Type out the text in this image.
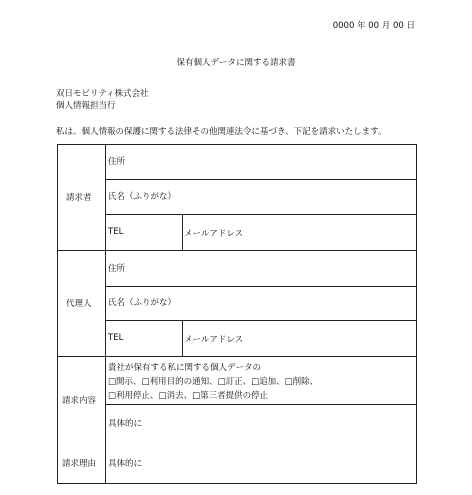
0000 年 00 月 00 日
保有個人データに関する請求書
双日モビリティ株式会社
個人情報担当行
私は、個人情報の保護に関する法律その他関連法令に基づき、下記を請求いたします。
請求者
代理人
請求内容
請求理由
住所
氏名（ふりがな）
TEL	メールアドレス
住所
氏名（ふりがな）
TEL	メールアドレス
貴社が保有する私に関する個人データの
□開示、□利用目的の通知、□訂正、□追加、□削除、
□利用停止、□消去、□第三者提供の停止
具体的に
具体的に
